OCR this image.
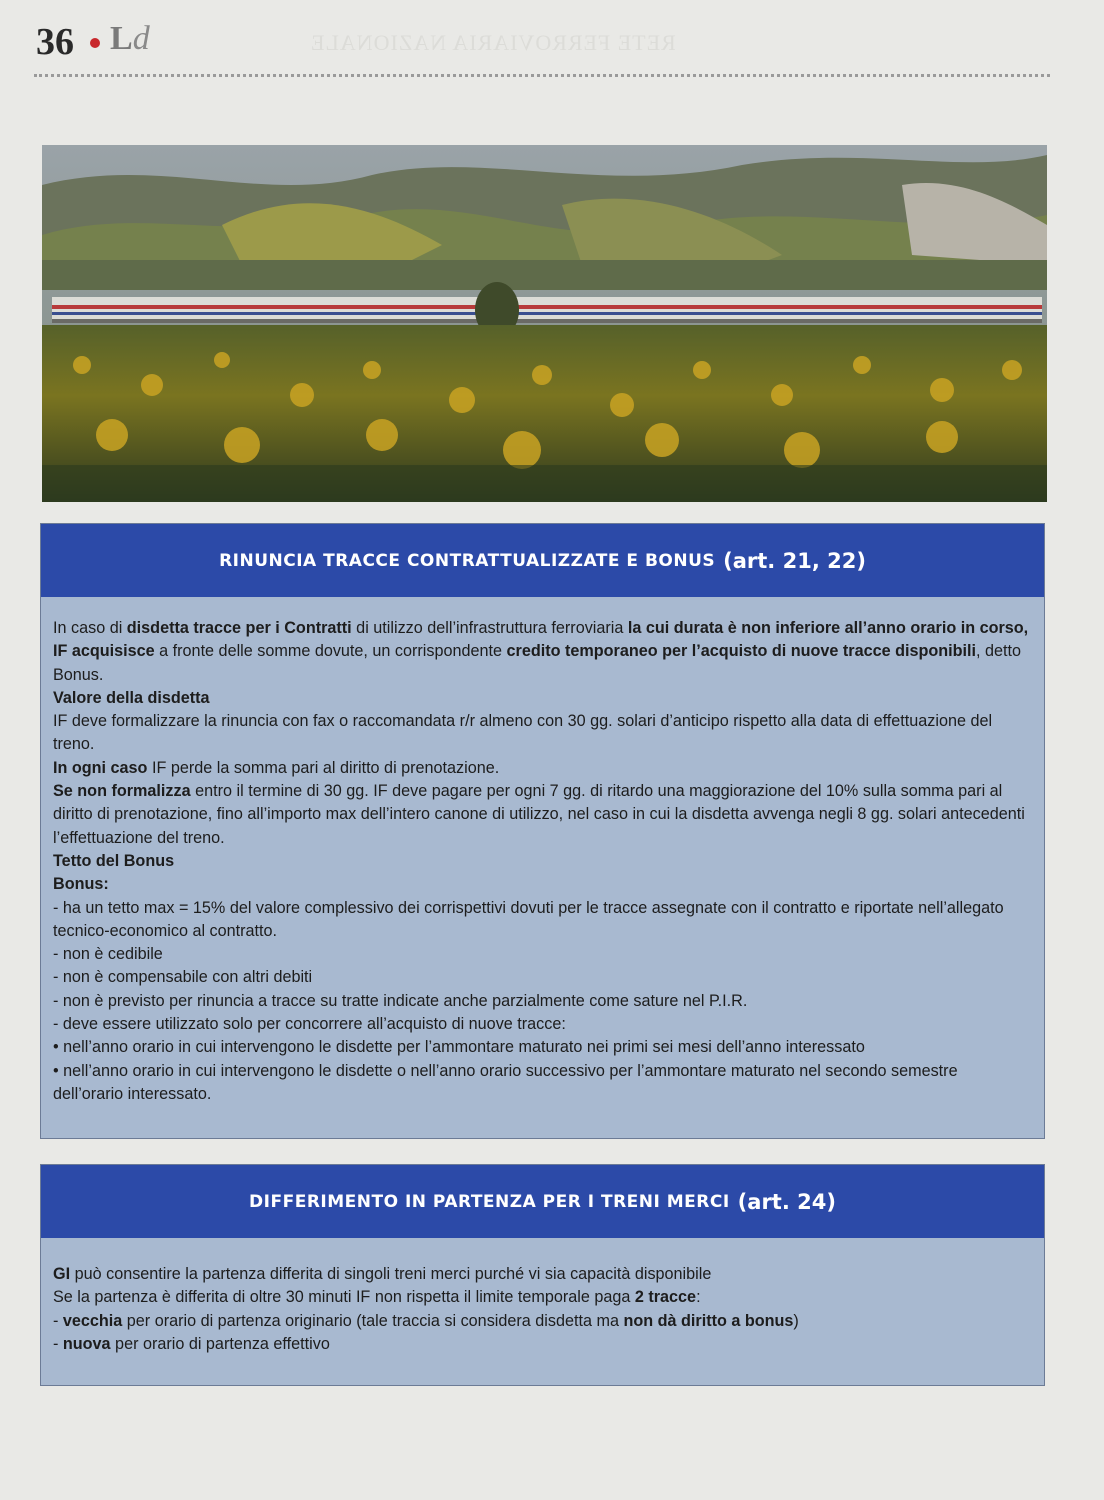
36 Ld	RETE FERROVIARIA NAZIONALE
RINUNCIA TRACCE CONTRATTUALIZZATE E BONUS (art. 21, 22)

In caso di disdetta tracce per i Contratti di utilizzo dell’infrastruttura ferroviaria la cui durata è non inferiore all’anno orario in corso, IF acquisisce a fronte delle somme dovute, un corrispondente credito temporaneo per l’acquisto di nuove tracce disponibili, detto Bonus.

Valore della disdetta

IF deve formalizzare la rinuncia con fax o raccomandata r/r almeno con 30 gg. solari d’anticipo rispetto alla data di effettuazione del treno.

In ogni caso IF perde la somma pari al diritto di prenotazione.

Se non formalizza entro il termine di 30 gg. IF deve pagare per ogni 7 gg. di ritardo una maggiorazione del 10% sulla somma pari al diritto di prenotazione, fino all’importo max dell’intero canone di utilizzo, nel caso in cui la disdetta avvenga negli 8 gg. solari antecedenti l’effettuazione del treno.

Tetto del Bonus

Bonus:

- ha un tetto max = 15% del valore complessivo dei corrispettivi dovuti per le tracce assegnate con il contratto e riportate nell’allegato tecnico-economico al contratto.

- non è cedibile

- non è compensabile con altri debiti

- non è previsto per rinuncia a tracce su tratte indicate anche parzialmente come sature nel P.I.R.

- deve essere utilizzato solo per concorrere all’acquisto di nuove tracce:

• nell’anno orario in cui intervengono le disdette per l’ammontare maturato nei primi sei mesi dell’anno interessato

• nell’anno orario in cui intervengono le disdette o nell’anno orario successivo per l’ammontare maturato nel secondo semestre dell’orario interessato.

DIFFERIMENTO IN PARTENZA PER I TRENI MERCI (art. 24)

GI può consentire la partenza differita di singoli treni merci purché vi sia capacità disponibile

Se la partenza è differita di oltre 30 minuti IF non rispetta il limite temporale paga 2 tracce:

- vecchia per orario di partenza originario (tale traccia si considera disdetta ma non dà diritto a bonus)

- nuova per orario di partenza effettivo
